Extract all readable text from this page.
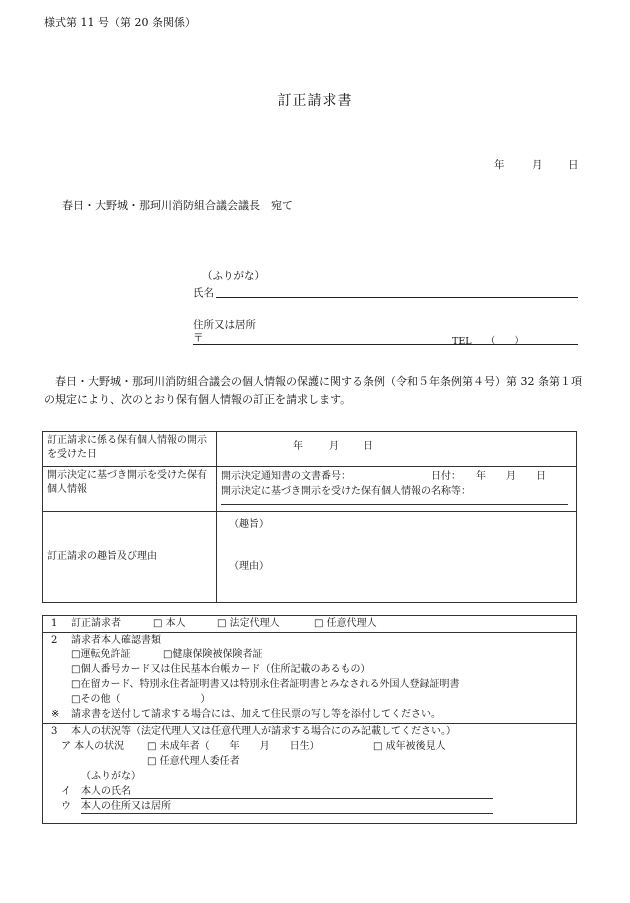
様式第 11 号（第 20 条関係）
訂正請求書
年	月 日
春日・大野城・那珂川消防組合議会議長　宛て
（ふりがな）
氏名
住所又は居所
〒	TEL　　（　　）
春日・大野城・那珂川消防組合議会の個人情報の保護に関する条例（令和５年条例第４号）第 32 条第１項の規定により、次のとおり保有個人情報の訂正を請求します。
訂正請求に係る保有個人情報の開示を受けた日	年 月 日

開示決定に基づき開示を受けた保有個人情報	開示決定通知書の文書番号： 日付：　　年　　月　　日
開示決定に基づき開示を受けた保有個人情報の名称等：

訂正請求の趣旨及び理由	（趣旨）
（理由）
1 訂正請求者	□ 本人	□ 法定代理人	□ 任意代理人
2 請求者本人確認書類
□運転免許証	□健康保険被保険者証
□個人番号カード又は住民基本台帳カード（住所記載のあるもの）
□在留カード、特別永住者証明書又は特別永住者証明書とみなされる外国人登録証明書
□その他（　　　　　　　　）
※ 請求書を送付して請求する場合には、加えて住民票の写し等を添付してください。
3 本人の状況等（法定代理人又は任意代理人が請求する場合にのみ記載してください。）
ア 本人の状況 □ 未成年者（　　年　　月　　日生）	□ 成年被後見人
□ 任意代理人委任者
（ふりがな）
イ 本人の氏名
ウ 本人の住所又は居所
